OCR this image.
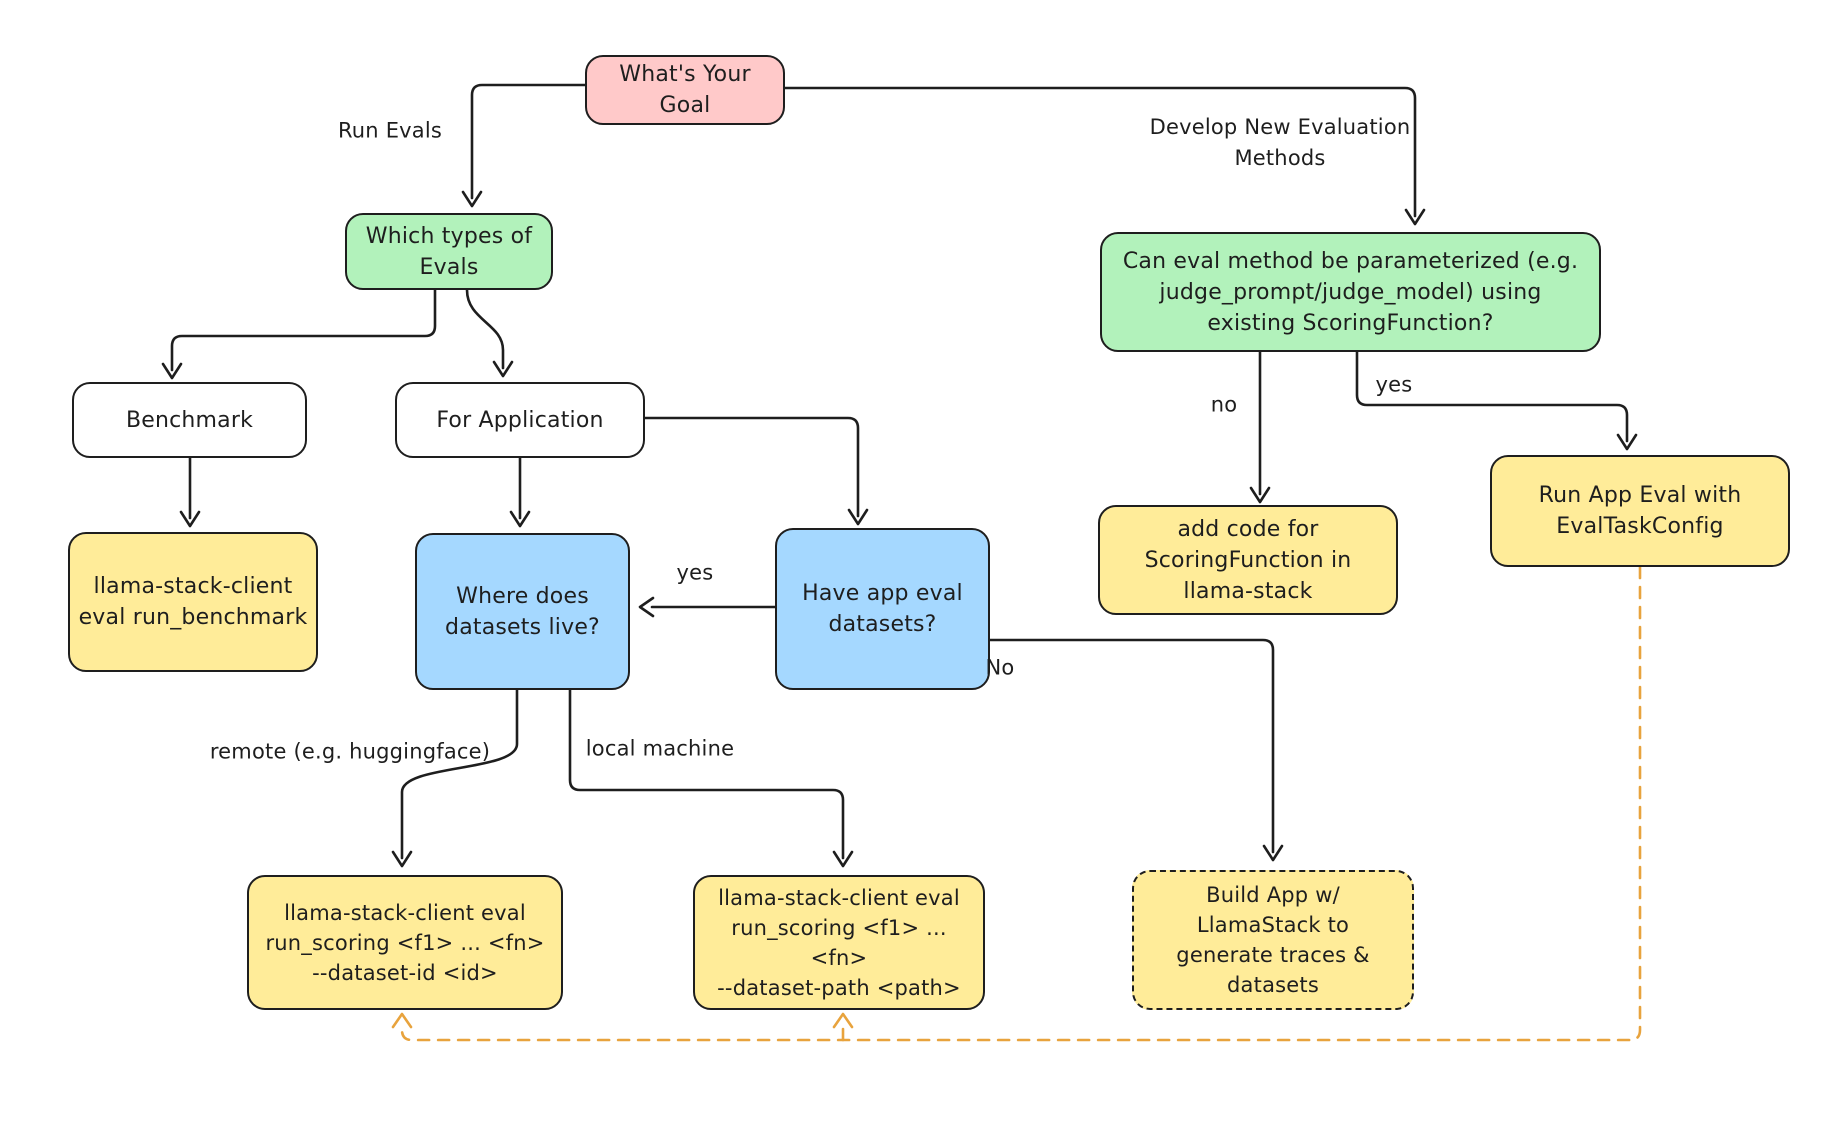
What's Your
Goal
Which types of
Evals	Can eval method be parameterized (e.g.
judge_prompt/judge_model) using
existing ScoringFunction?
Benchmark	For Application
llama-stack-client
eval run_benchmark
Where does
datasets live?
Have app eval
datasets?
add code for
ScoringFunction in
llama-stack
Run App Eval with
EvalTaskConfig
llama-stack-client eval
run_scoring <f1> ... <fn>
--dataset-id <id>
llama-stack-client eval
run_scoring <f1> ... <fn>
--dataset-path <path>
Build App w/
LlamaStack to
generate traces &
datasets
Run Evals	Develop New Evaluation
Methods
yes
No
no
yes
remote (e.g. huggingface)	local machine
